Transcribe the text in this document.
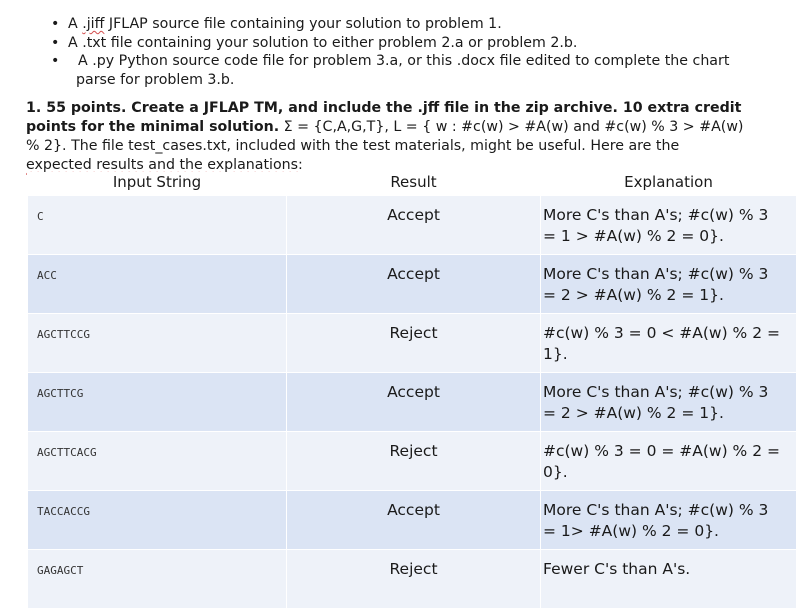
• A .jiff JFLAP source file containing your solution to problem 1.
• A .txt file containing your solution to either problem 2.a or problem 2.b.
• A .py Python source code file for problem 3.a, or this .docx file edited to complete the chart
parse for problem 3.b.
1. 55 points. Create a JFLAP TM, and include the .jff file in the zip archive. 10 extra credit
points for the minimal solution. Σ = {C,A,G,T}, L = { w : #c(w) > #A(w) and #c(w) % 3 > #A(w)
% 2}. The file test_cases.txt, included with the test materials, might be useful. Here are the
expected results and the explanations:
Input String	Result	Explanation
C	Accept	More C's than A's; #c(w) % 3
= 1 > #A(w) % 2 = 0}.

ACC	Accept	More C's than A's; #c(w) % 3
= 2 > #A(w) % 2 = 1}.

AGCTTCCG	Reject	#c(w) % 3 = 0 < #A(w) % 2 =
1}.

AGCTTCG	Accept	More C's than A's; #c(w) % 3
= 2 > #A(w) % 2 = 1}.

AGCTTCACG	Reject	#c(w) % 3 = 0 = #A(w) % 2 =
0}.

TACCACCG	Accept	More C's than A's; #c(w) % 3
= 1> #A(w) % 2 = 0}.

GAGAGCT	Reject	Fewer C's than A's.
